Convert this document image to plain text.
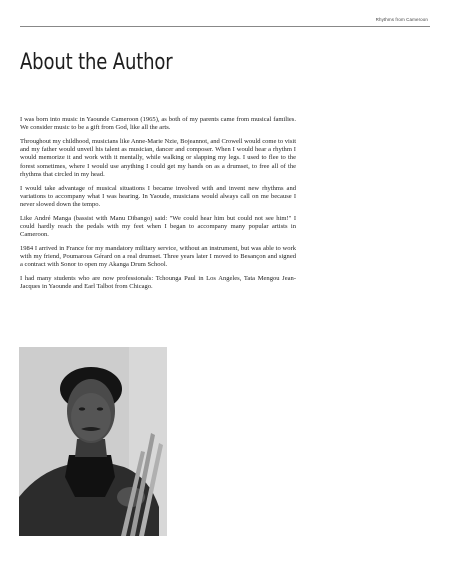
Rhythms from Cameroon
About the Author

I was born into music in Yaounde Cameroon (1965), as both of my parents came from musical families. We consider music to be a gift from God, like all the arts.

Throughout my childhood, musicians like Anne-Marie Nzie, Bojeannot, and Crowell would come to visit and my father would unveil his talent as musician, dancer and composer. When I would hear a rhythm I would memorize it and work with it mentally, while walking or slapping my legs. I used to flee to the forest sometimes, where I would use anything I could get my hands on as a drumset, to free all of the rhythms that circled in my head.

I would take advantage of musical situations I became involved with and invent new rhythms and variations to accompany what I was hearing. In Yaoude, musicians would always call on me because I never slowed down the tempo.

Like André Manga (bassist with Manu Dibango) said: "We could hear him but could not see him!" I could hardly reach the pedals with my feet when I began to accompany many popular artists in Cameroon.

1984 I arrived in France for my mandatory military service, without an instrument, but was able to work with my friend, Poumarous Gérard on a real drumset. Three years later I moved to Besançon and signed a contract with Sonor to open my Akanga Drum School.

I had many students who are now professionals: Tchounga Paul in Los Angeles, Tata Mengou Jean-Jacques in Yaounde and Earl Talbot from Chicago.
